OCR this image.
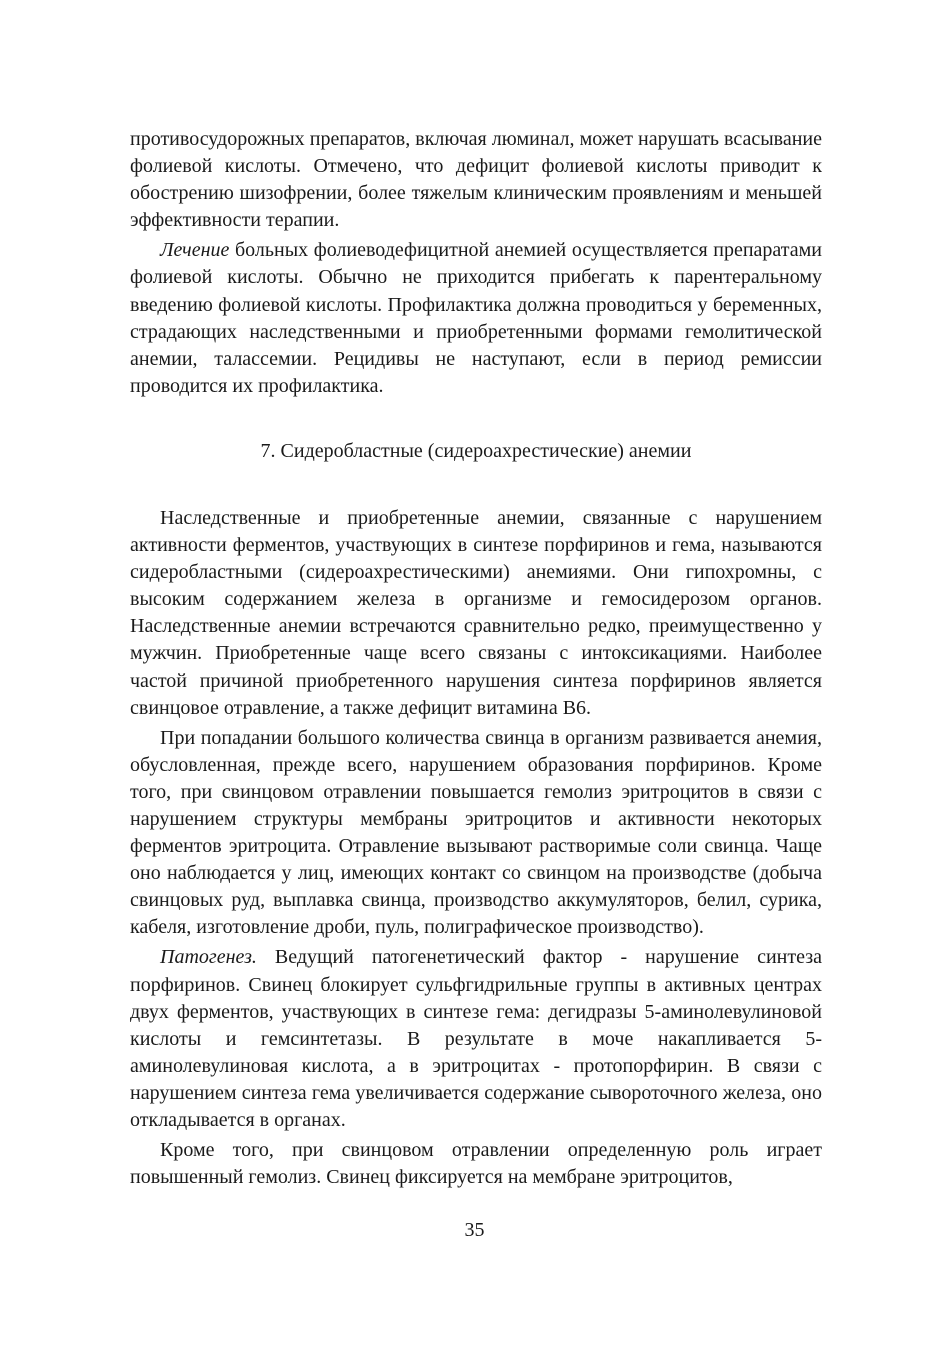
противосудорожных препаратов, включая люминал, может нарушать всасывание фолиевой кислоты. Отмечено, что дефицит фолиевой кислоты приводит к обострению шизофрении, более тяжелым клиническим проявлениям и меньшей эффективности терапии.

Лечение больных фолиеводефицитной анемией осуществляется препаратами фолиевой кислоты. Обычно не приходится прибегать к парентеральному введению фолиевой кислоты. Профилактика должна проводиться у беременных, страдающих наследственными и приобретенными формами гемолитической анемии, талассемии. Рецидивы не наступают, если в период ремиссии проводится их профилактика.

7. Сидеробластные (сидероахрестические) анемии

Наследственные и приобретенные анемии, связанные с нарушением активности ферментов, участвующих в синтезе порфиринов и гема, называются сидеробластными (сидероахрестическими) анемиями. Они гипохромны, с высоким содержанием железа в организме и гемосидерозом органов. Наследственные анемии встречаются сравнительно редко, преимущественно у мужчин. Приобретенные чаще всего связаны с интоксикациями. Наиболее частой причиной приобретенного нарушения синтеза порфиринов является свинцовое отравление, а также дефицит витамина В6.

При попадании большого количества свинца в организм развивается анемия, обусловленная, прежде всего, нарушением образования порфиринов. Кроме того, при свинцовом отравлении повышается гемолиз эритроцитов в связи с нарушением структуры мембраны эритроцитов и активности некоторых ферментов эритроцита. Отравление вызывают растворимые соли свинца. Чаще оно наблюдается у лиц, имеющих контакт со свинцом на производстве (добыча свинцовых руд, выплавка свинца, производство аккумуляторов, белил, сурика, кабеля, изготовление дроби, пуль, полиграфическое производство).

Патогенез. Ведущий патогенетический фактор - нарушение синтеза порфиринов. Свинец блокирует сульфгидрильные группы в активных центрах двух ферментов, участвующих в синтезе гема: дегидразы 5-аминолевулиновой кислоты и гемсинтетазы. В результате в моче накапливается 5-аминолевулиновая кислота, а в эритроцитах - протопорфирин. В связи с нарушением синтеза гема увеличивается содержание сывороточного железа, оно откладывается в органах.

Кроме того, при свинцовом отравлении определенную роль играет повышенный гемолиз. Свинец фиксируется на мембране эритроцитов,

35
